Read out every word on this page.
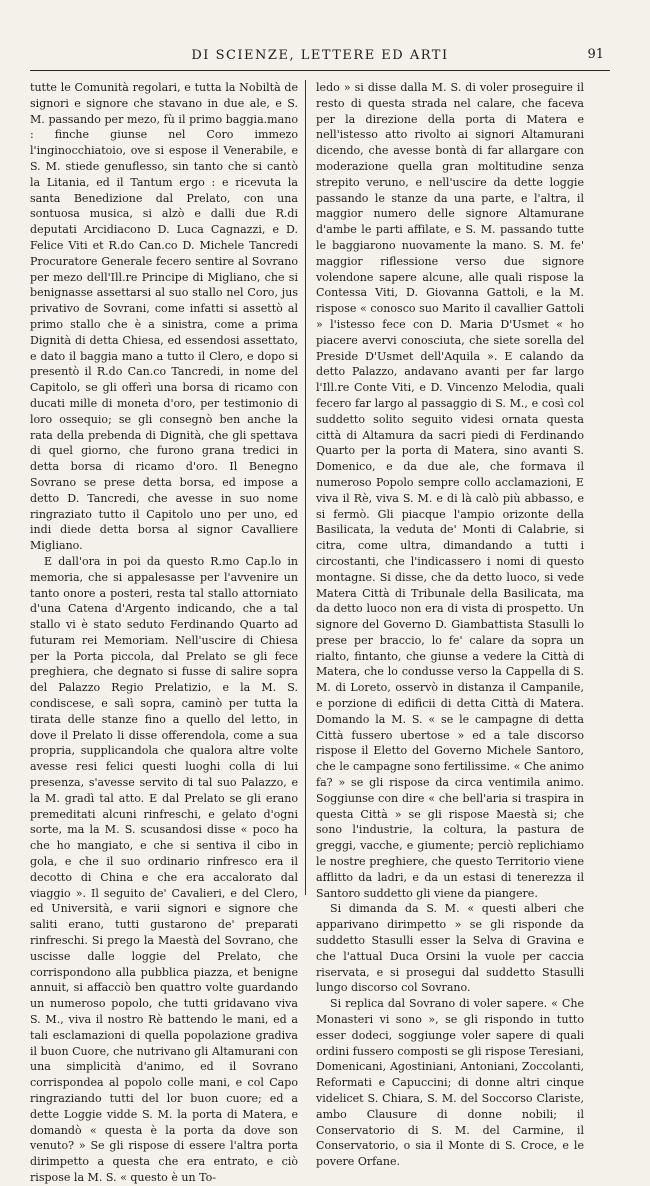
DI SCIENZE, LETTERE ED ARTI	91

tutte le Comunità regolari, e tutta la Nobiltà de signori e signore che stavano in due ale, e S. M. passando per mezo, fù il primo baggia.mano : finche giunse nel Coro immezo l'inginocchiatoio, ove si espose il Venerabile, e S. M. stiede genuflesso, sin tanto che si cantò la Litania, ed il Tantum ergo : e ricevuta la santa Benedizione dal Prelato, con una sontuosa musica, si alzò e dalli due R.di deputati Arcidiacono D. Luca Cagnazzi, e D. Felice Viti et R.do Can.co D. Michele Tancredi Procuratore Generale fecero sentire al Sovrano per mezo dell'Ill.re Principe di Migliano, che si benignasse assettarsi al suo stallo nel Coro, jus privativo de Sovrani, come infatti si assettò al primo stallo che è a sinistra, come a prima Dignità di detta Chiesa, ed essendosi assettato, e dato il baggia mano a tutto il Clero, e dopo si presentò il R.do Can.co Tancredi, in nome del Capitolo, se gli offerì una borsa di ricamo con ducati mille di moneta d'oro, per testimonio di loro ossequio; se gli consegnò ben anche la rata della prebenda di Dignità, che gli spettava di quel giorno, che furono grana tredici in detta borsa di ricamo d'oro. Il Benegno Sovrano se prese detta borsa, ed impose a detto D. Tancredi, che avesse in suo nome ringraziato tutto il Capitolo uno per uno, ed indi diede detta borsa al signor Cavalliere Migliano.

E dall'ora in poi da questo R.mo Cap.lo in memoria, che si appalesasse per l'avvenire un tanto onore a posteri, resta tal stallo attorniato d'una Catena d'Argento indicando, che a tal stallo vi è stato seduto Ferdinando Quarto ad futuram rei Memoriam. Nell'uscire di Chiesa per la Porta piccola, dal Prelato se gli fece preghiera, che degnato si fusse di salire sopra del Palazzo Regio Prelatizio, e la M. S. condiscese, e salì sopra, caminò per tutta la tirata delle stanze fino a quello del letto, in dove il Prelato li disse offerendola, come a sua propria, supplicandola che qualora altre volte avesse resi felici questi luoghi colla di lui presenza, s'avesse servito di tal suo Palazzo, e la M. gradì tal atto. E dal Prelato se gli erano premeditati alcuni rinfreschi, e gelato d'ogni sorte, ma la M. S. scusandosi disse « poco ha che ho mangiato, e che si sentiva il cibo in gola, e che il suo ordinario rinfresco era il decotto di China e che era accalorato dal viaggio ». Il seguito de' Cavalieri, e del Clero, ed Università, e varii signori e signore che saliti erano, tutti gustarono de' preparati rinfreschi. Si prego la Maestà del Sovrano, che uscisse dalle loggie del Prelato, che corrispondono alla pubblica piazza, et benigne annuit, si affacciò ben quattro volte guardando un numeroso popolo, che tutti gridavano viva S. M., viva il nostro Rè battendo le mani, ed a tali esclamazioni di quella popolazione gradiva il buon Cuore, che nutrivano gli Altamurani con una simplicità d'animo, ed il Sovrano corrispondea al popolo colle mani, e col Capo ringraziando tutti del lor buon cuore; ed a dette Loggie vidde S. M. la porta di Matera, e domandò « questa è la porta da dove son venuto? » Se gli rispose di essere l'altra porta dirimpetto a questa che era entrato, e ciò rispose la M. S. « questo è un To-

ledo » si disse dalla M. S. di voler proseguire il resto di questa strada nel calare, che faceva per la direzione della porta di Matera e nell'istesso atto rivolto ai signori Altamurani dicendo, che avesse bontà di far allargare con moderazione quella gran moltitudine senza strepito veruno, e nell'uscire da dette loggie passando le stanze da una parte, e l'altra, il maggior numero delle signore Altamurane d'ambe le parti affilate, e S. M. passando tutte le baggiarono nuovamente la mano. S. M. fe' maggior riflessione verso due signore volendone sapere alcune, alle quali rispose la Contessa Viti, D. Giovanna Gattoli, e la M. rispose « conosco suo Marito il cavallier Gattoli » l'istesso fece con D. Maria D'Usmet « ho piacere avervi conosciuta, che siete sorella del Preside D'Usmet dell'Aquila ». E calando da detto Palazzo, andavano avanti per far largo l'Ill.re Conte Viti, e D. Vincenzo Melodia, quali fecero far largo al passaggio di S. M., e così col suddetto solito seguito videsi ornata questa città di Altamura da sacri piedi di Ferdinando Quarto per la porta di Matera, sino avanti S. Domenico, e da due ale, che formava il numeroso Popolo sempre collo acclamazioni, E viva il Rè, viva S. M. e di là calò più abbasso, e si fermò. Gli piacque l'ampio orizonte della Basilicata, la veduta de' Monti di Calabrie, si citra, come ultra, dimandando a tutti i circostanti, che l'indicassero i nomi di questo montagne. Si disse, che da detto luoco, si vede Matera Città di Tribunale della Basilicata, ma da detto luoco non era di vista di prospetto. Un signore del Governo D. Giambattista Stasulli lo prese per braccio, lo fe' calare da sopra un rialto, fintanto, che giunse a vedere la Città di Matera, che lo condusse verso la Cappella di S. M. di Loreto, osservò in distanza il Campanile, e porzione di edificii di detta Città di Matera. Domando la M. S. « se le campagne di detta Città fussero ubertose » ed a tale discorso rispose il Eletto del Governo Michele Santoro, che le campagne sono fertilissime. « Che animo fa? » se gli rispose da circa ventimila animo. Soggiunse con dire « che bell'aria si traspira in questa Città » se gli rispose Maestà si; che sono l'industrie, la coltura, la pastura de greggi, vacche, e giumente; perciò replichiamo le nostre preghiere, che questo Territorio viene afflitto da ladri, e da un estasi di tenerezza il Santoro suddetto gli viene da piangere.

Si dimanda da S. M. « questi alberi che apparivano dirimpetto » se gli risponde da suddetto Stasulli esser la Selva di Gravina e che l'attual Duca Orsini la vuole per caccia riservata, e si prosegui dal suddetto Stasulli lungo discorso col Sovrano.

Si replica dal Sovrano di voler sapere. « Che Monasteri vi sono », se gli rispondo in tutto esser dodeci, soggiunge voler sapere di quali ordini fussero composti se gli rispose Teresiani, Domenicani, Agostiniani, Antoniani, Zoccolanti, Reformati e Capuccini; di donne altri cinque videlicet S. Chiara, S. M. del Soccorso Clariste, ambo Clausure di donne nobili; il Conservatorio di S. M. del Carmine, il Conservatorio, o sia il Monte di S. Croce, e le povere Orfane.
